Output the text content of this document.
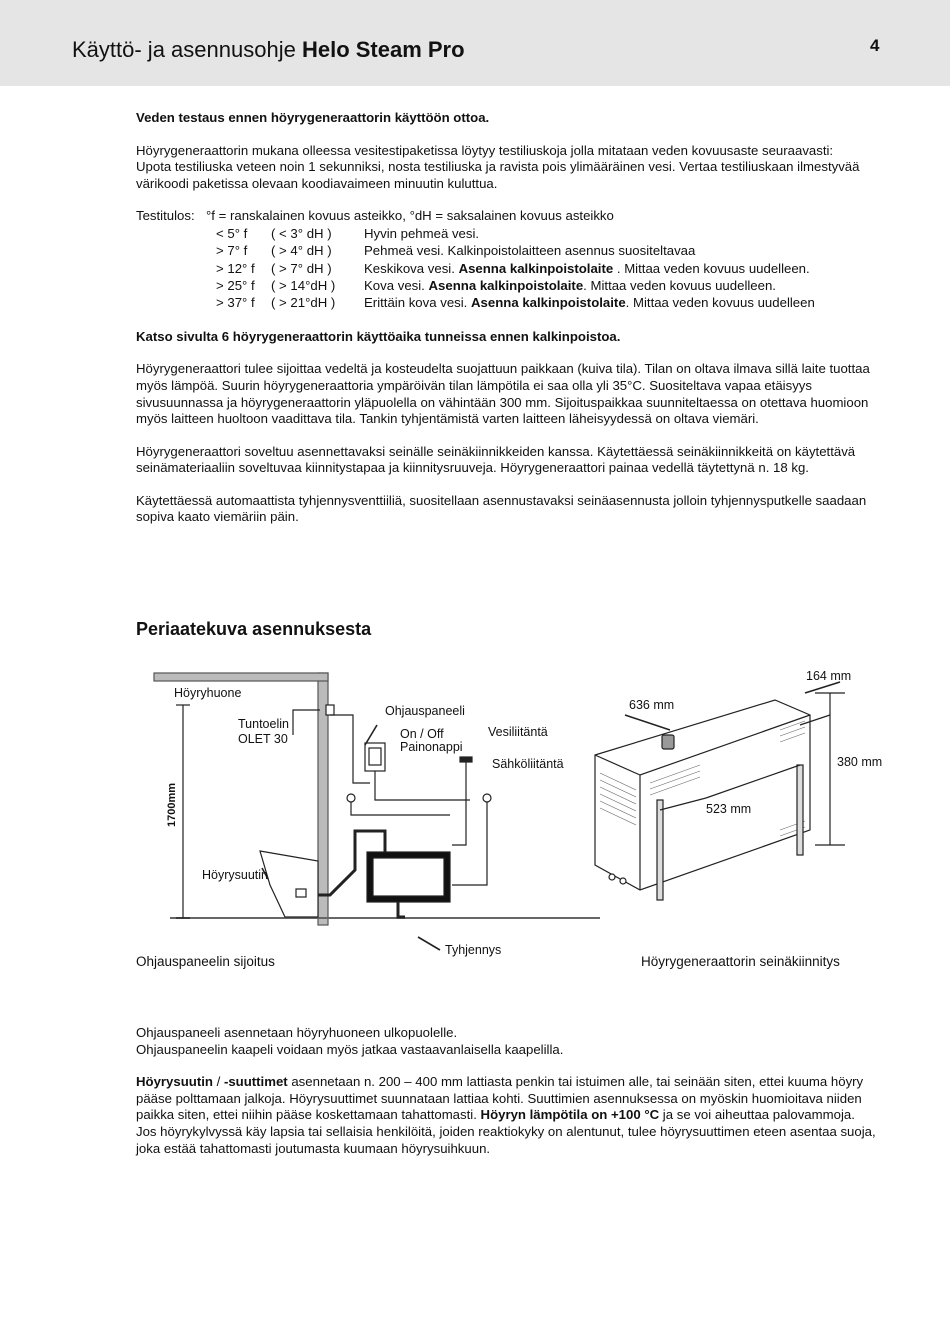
Käyttö- ja asennusohje Helo Steam Pro	4

Veden testaus ennen höyrygeneraattorin käyttöön ottoa.

Höyrygeneraattorin mukana olleessa vesitestipaketissa löytyy testiliuskoja jolla mitataan veden kovuusaste seuraavasti:
Upota testiliuska veteen noin 1 sekunniksi, nosta testiliuska ja ravista pois ylimääräinen vesi. Vertaa testiliuskaan ilmestyvää värikoodi paketissa olevaan koodiavaimeen minuutin kuluttua.

Testitulos: °f = ranskalainen kovuus asteikko, °dH = saksalainen kovuus asteikko
< 5° f ( < 3° dH ) Hyvin pehmeä vesi.
> 7° f ( > 4° dH ) Pehmeä vesi. Kalkinpoistolaitteen asennus suositeltavaa
> 12° f ( > 7° dH ) Keskikova vesi. Asenna kalkinpoistolaite . Mittaa veden kovuus uudelleen.
> 25° f ( > 14°dH ) Kova vesi. Asenna kalkinpoistolaite. Mittaa veden kovuus uudelleen.
> 37° f ( > 21°dH ) Erittäin kova vesi. Asenna kalkinpoistolaite. Mittaa veden kovuus uudelleen

Katso sivulta 6 höyrygeneraattorin käyttöaika tunneissa ennen kalkinpoistoa.

Höyrygeneraattori tulee sijoittaa vedeltä ja kosteudelta suojattuun paikkaan (kuiva tila). Tilan on oltava ilmava sillä laite tuottaa myös lämpöä. Suurin höyrygeneraattoria ympäröivän tilan lämpötila ei saa olla yli 35°C. Suositeltava vapaa etäisyys sivusuunnassa ja höyrygeneraattorin yläpuolella on vähintään 300 mm. Sijoituspaikkaa suunniteltaessa on otettava huomioon myös laitteen huoltoon vaadittava tila. Tankin tyhjentämistä varten laitteen läheisyydessä on oltava viemäri.

Höyrygeneraattori soveltuu asennettavaksi seinälle seinäkiinnikkeiden kanssa. Käytettäessä seinäkiinnikkeitä on käytettävä seinämateriaaliin soveltuvaa kiinnitystapaa ja kiinnitysruuveja. Höyrygeneraattori painaa vedellä täytettynä n. 18 kg.

Käytettäessä automaattista tyhjennysventtiiliä, suositellaan asennustavaksi seinäasennusta jolloin tyhjennysputkelle saadaan sopiva kaato viemäriin päin.

Periaatekuva asennuksesta
Höyryhuone
Tuntoelin
OLET 30
Ohjauspaneeli
On / Off
Painonappi
Vesiliitäntä
Sähköliitäntä
1700mm
Höyrysuutin
Tyhjennys
636 mm
164 mm
380 mm
523 mm
Ohjauspaneelin sijoitus	Höyrygeneraattorin seinäkiinnitys

Ohjauspaneeli asennetaan höyryhuoneen ulkopuolelle.
Ohjauspaneelin kaapeli voidaan myös jatkaa vastaavanlaisella kaapelilla.

Höyrysuutin / -suuttimet asennetaan n. 200 – 400 mm lattiasta penkin tai istuimen alle, tai seinään siten, ettei kuuma höyry pääse polttamaan jalkoja. Höyrysuuttimet suunnataan lattiaa kohti. Suuttimien asennuksessa on myöskin huomioitava niiden paikka siten, ettei niihin pääse koskettamaan tahattomasti. Höyryn lämpötila on +100 °C ja se voi aiheuttaa palovammoja.
Jos höyrykylvyssä käy lapsia tai sellaisia henkilöitä, joiden reaktiokyky on alentunut, tulee höyrysuuttimen eteen asentaa suoja, joka estää tahattomasti joutumasta kuumaan höyrysuihkuun.
